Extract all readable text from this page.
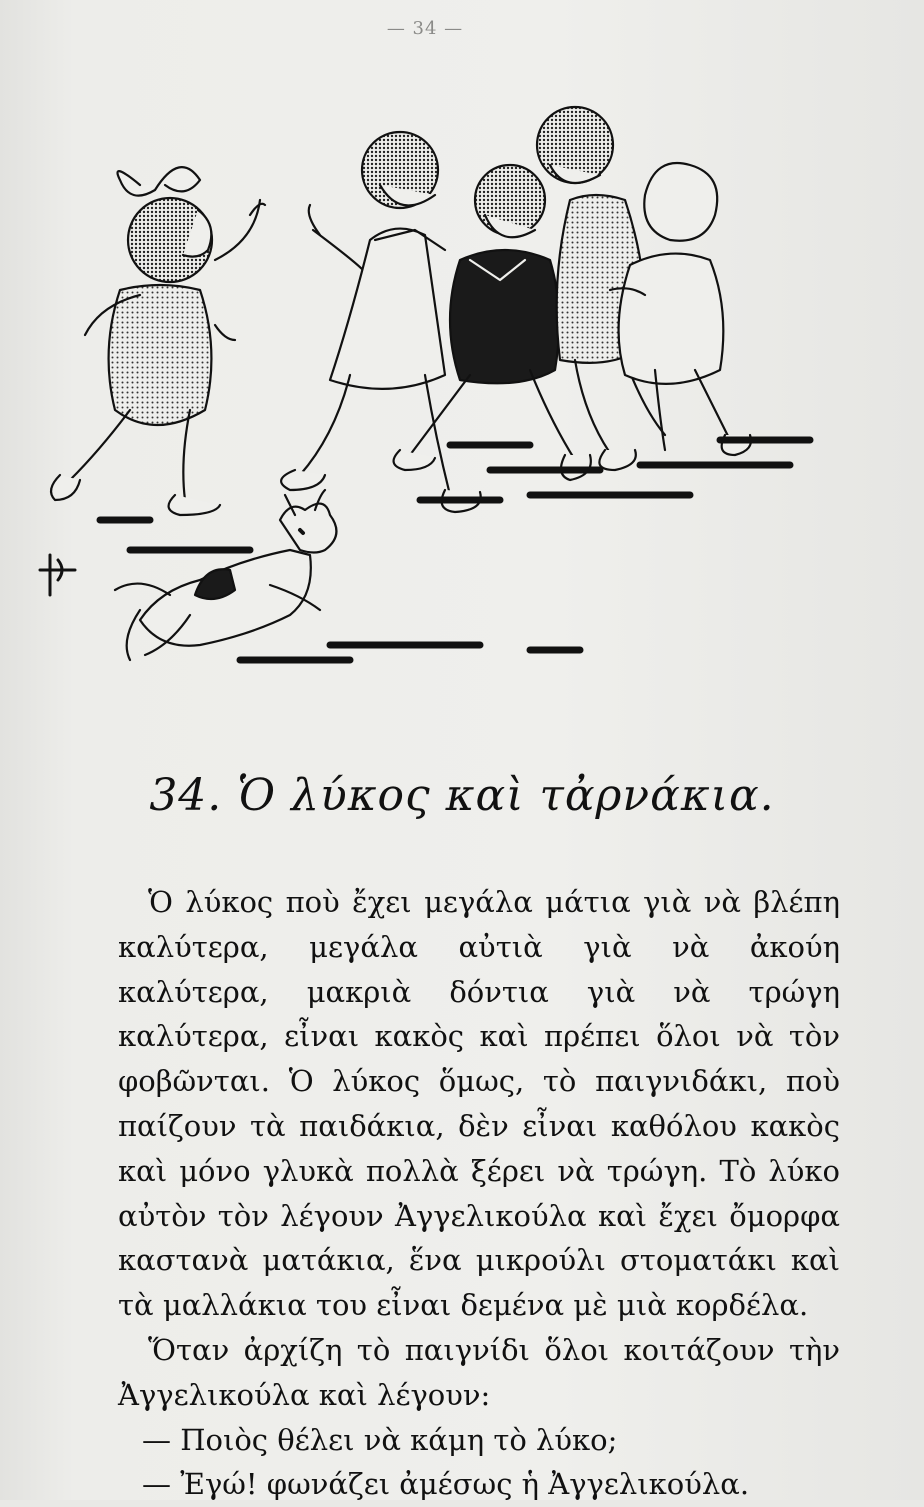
— 34 —
34. Ὁ λύκος καὶ τἀρνάκια.

Ὁ λύκος ποὺ ἔχει μεγάλα μάτια γιὰ νὰ βλέπη καλύτερα, μεγάλα αὐτιὰ γιὰ νὰ ἀκούη καλύτερα, μακριὰ δόντια γιὰ νὰ τρώγη καλύτερα, εἶναι κακὸς καὶ πρέπει ὅλοι νὰ τὸν φοβῶνται. Ὁ λύκος ὅμως, τὸ παιγνιδάκι, ποὺ παίζουν τὰ παιδάκια, δὲν εἶναι καθόλου κακὸς καὶ μόνο γλυκὰ πολλὰ ξέρει νὰ τρώγη. Τὸ λύκο αὐτὸν τὸν λέγουν Ἀγγελικούλα καὶ ἔχει ὄμορφα καστανὰ ματάκια, ἕνα μικρούλι στοματάκι καὶ τὰ μαλλάκια του εἶναι δεμένα μὲ μιὰ κορδέλα.

Ὅταν ἀρχίζη τὸ παιγνίδι ὅλοι κοιτάζουν τὴν Ἀγγελικούλα καὶ λέγουν:

— Ποιὸς θέλει νὰ κάμη τὸ λύκο;

— Ἐγώ! φωνάζει ἀμέσως ἡ Ἀγγελικούλα.
